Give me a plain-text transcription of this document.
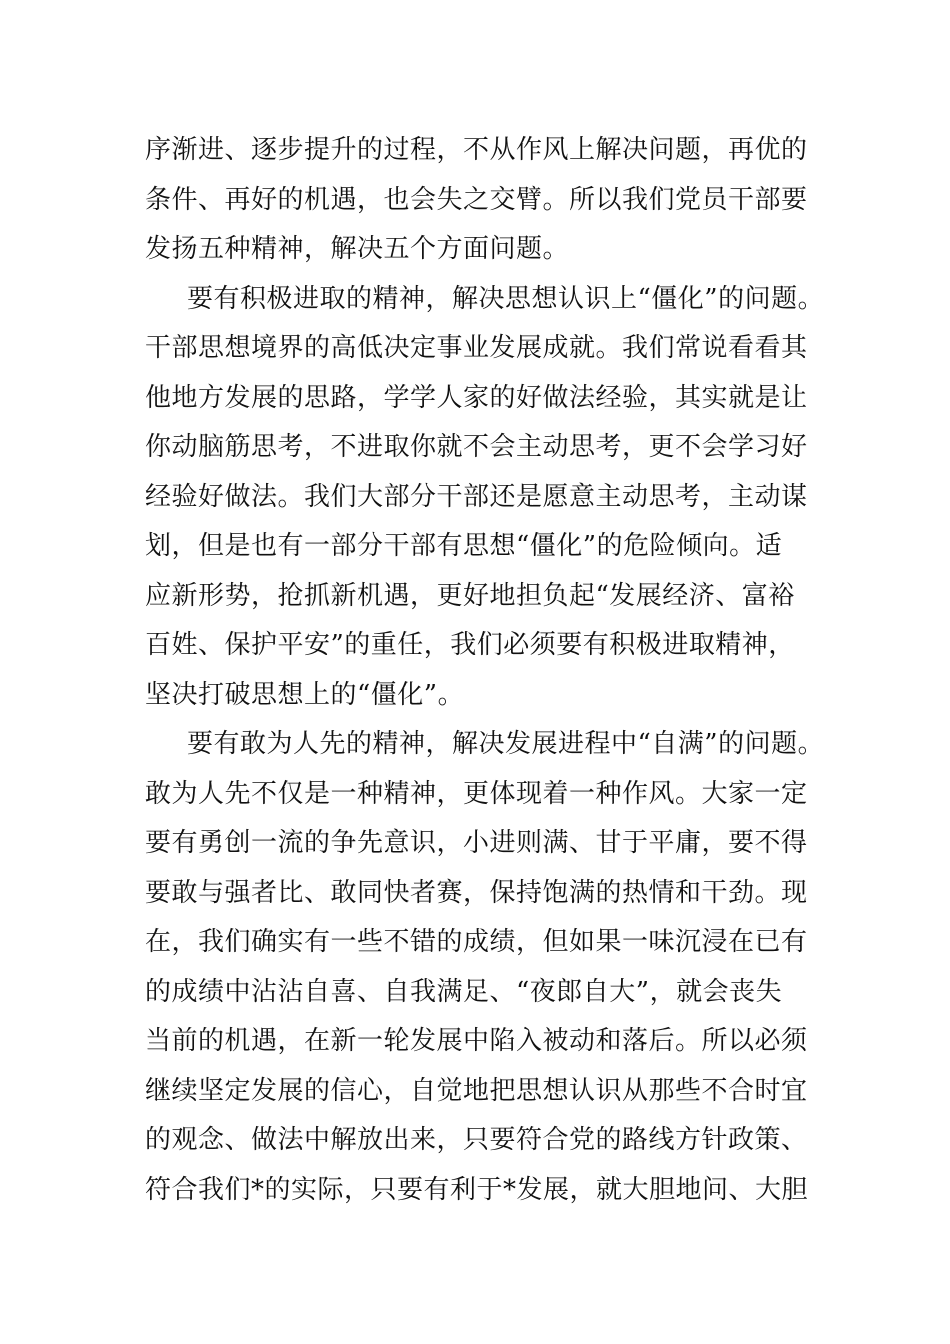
序渐进、逐步提升的过程，不从作风上解决问题，再优的
条件、再好的机遇，也会失之交臂。所以我们党员干部要
发扬五种精神，解决五个方面问题。
要有积极进取的精神，解决思想认识上“僵化”的问题。
干部思想境界的高低决定事业发展成就。我们常说看看其
他地方发展的思路，学学人家的好做法经验，其实就是让
你动脑筋思考，不进取你就不会主动思考，更不会学习好
经验好做法。我们大部分干部还是愿意主动思考，主动谋
划，但是也有一部分干部有思想“僵化”的危险倾向。适
应新形势，抢抓新机遇，更好地担负起“发展经济、富裕
百姓、保护平安”的重任，我们必须要有积极进取精神，
坚决打破思想上的“僵化”。
要有敢为人先的精神，解决发展进程中“自满”的问题。
敢为人先不仅是一种精神，更体现着一种作风。大家一定
要有勇创一流的争先意识，小进则满、甘于平庸，要不得
要敢与强者比、敢同快者赛，保持饱满的热情和干劲。现
在，我们确实有一些不错的成绩，但如果一味沉浸在已有
的成绩中沾沾自喜、自我满足、“夜郎自大”，就会丧失
当前的机遇，在新一轮发展中陷入被动和落后。所以必须
继续坚定发展的信心，自觉地把思想认识从那些不合时宜
的观念、做法中解放出来，只要符合党的路线方针政策、
符合我们*的实际，只要有利于*发展，就大胆地问、大胆
